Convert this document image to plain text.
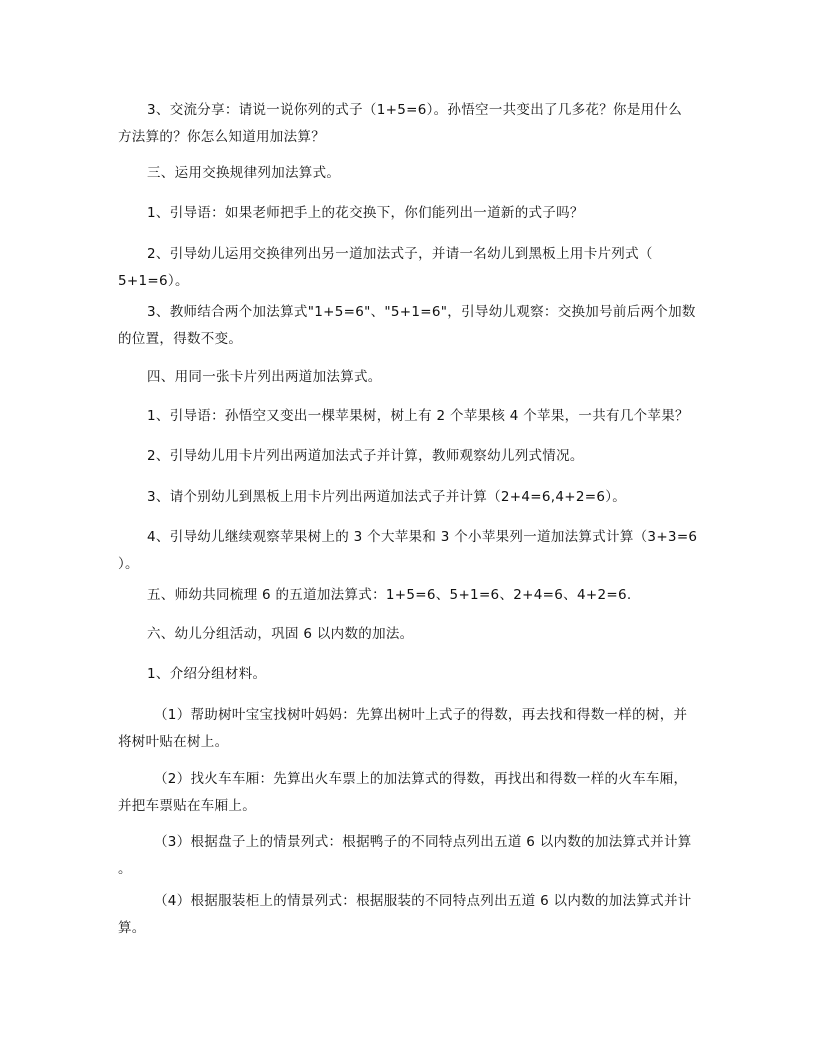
3、交流分享：请说一说你列的式子（1+5=6）。孙悟空一共变出了几多花？你是用什么
方法算的？你怎么知道用加法算？
三、运用交换规律列加法算式。
1、引导语：如果老师把手上的花交换下，你们能列出一道新的式子吗？
2、引导幼儿运用交换律列出另一道加法式子，并请一名幼儿到黑板上用卡片列式（
5+1=6）。
3、教师结合两个加法算式"1+5=6"、"5+1=6"，引导幼儿观察：交换加号前后两个加数
的位置，得数不变。
四、用同一张卡片列出两道加法算式。
1、引导语：孙悟空又变出一棵苹果树，树上有 2 个苹果核 4 个苹果，一共有几个苹果？
2、引导幼儿用卡片列出两道加法式子并计算，教师观察幼儿列式情况。
3、请个别幼儿到黑板上用卡片列出两道加法式子并计算（2+4=6,4+2=6）。
4、引导幼儿继续观察苹果树上的 3 个大苹果和 3 个小苹果列一道加法算式计算（3+3=6
）。
五、师幼共同梳理 6 的五道加法算式：1+5=6、5+1=6、2+4=6、4+2=6.
六、幼儿分组活动，巩固 6 以内数的加法。
1、介绍分组材料。
（1）帮助树叶宝宝找树叶妈妈：先算出树叶上式子的得数，再去找和得数一样的树，并
将树叶贴在树上。
（2）找火车车厢：先算出火车票上的加法算式的得数，再找出和得数一样的火车车厢，
并把车票贴在车厢上。
（3）根据盘子上的情景列式：根据鸭子的不同特点列出五道 6 以内数的加法算式并计算
。
（4）根据服装柜上的情景列式：根据服装的不同特点列出五道 6 以内数的加法算式并计
算。
